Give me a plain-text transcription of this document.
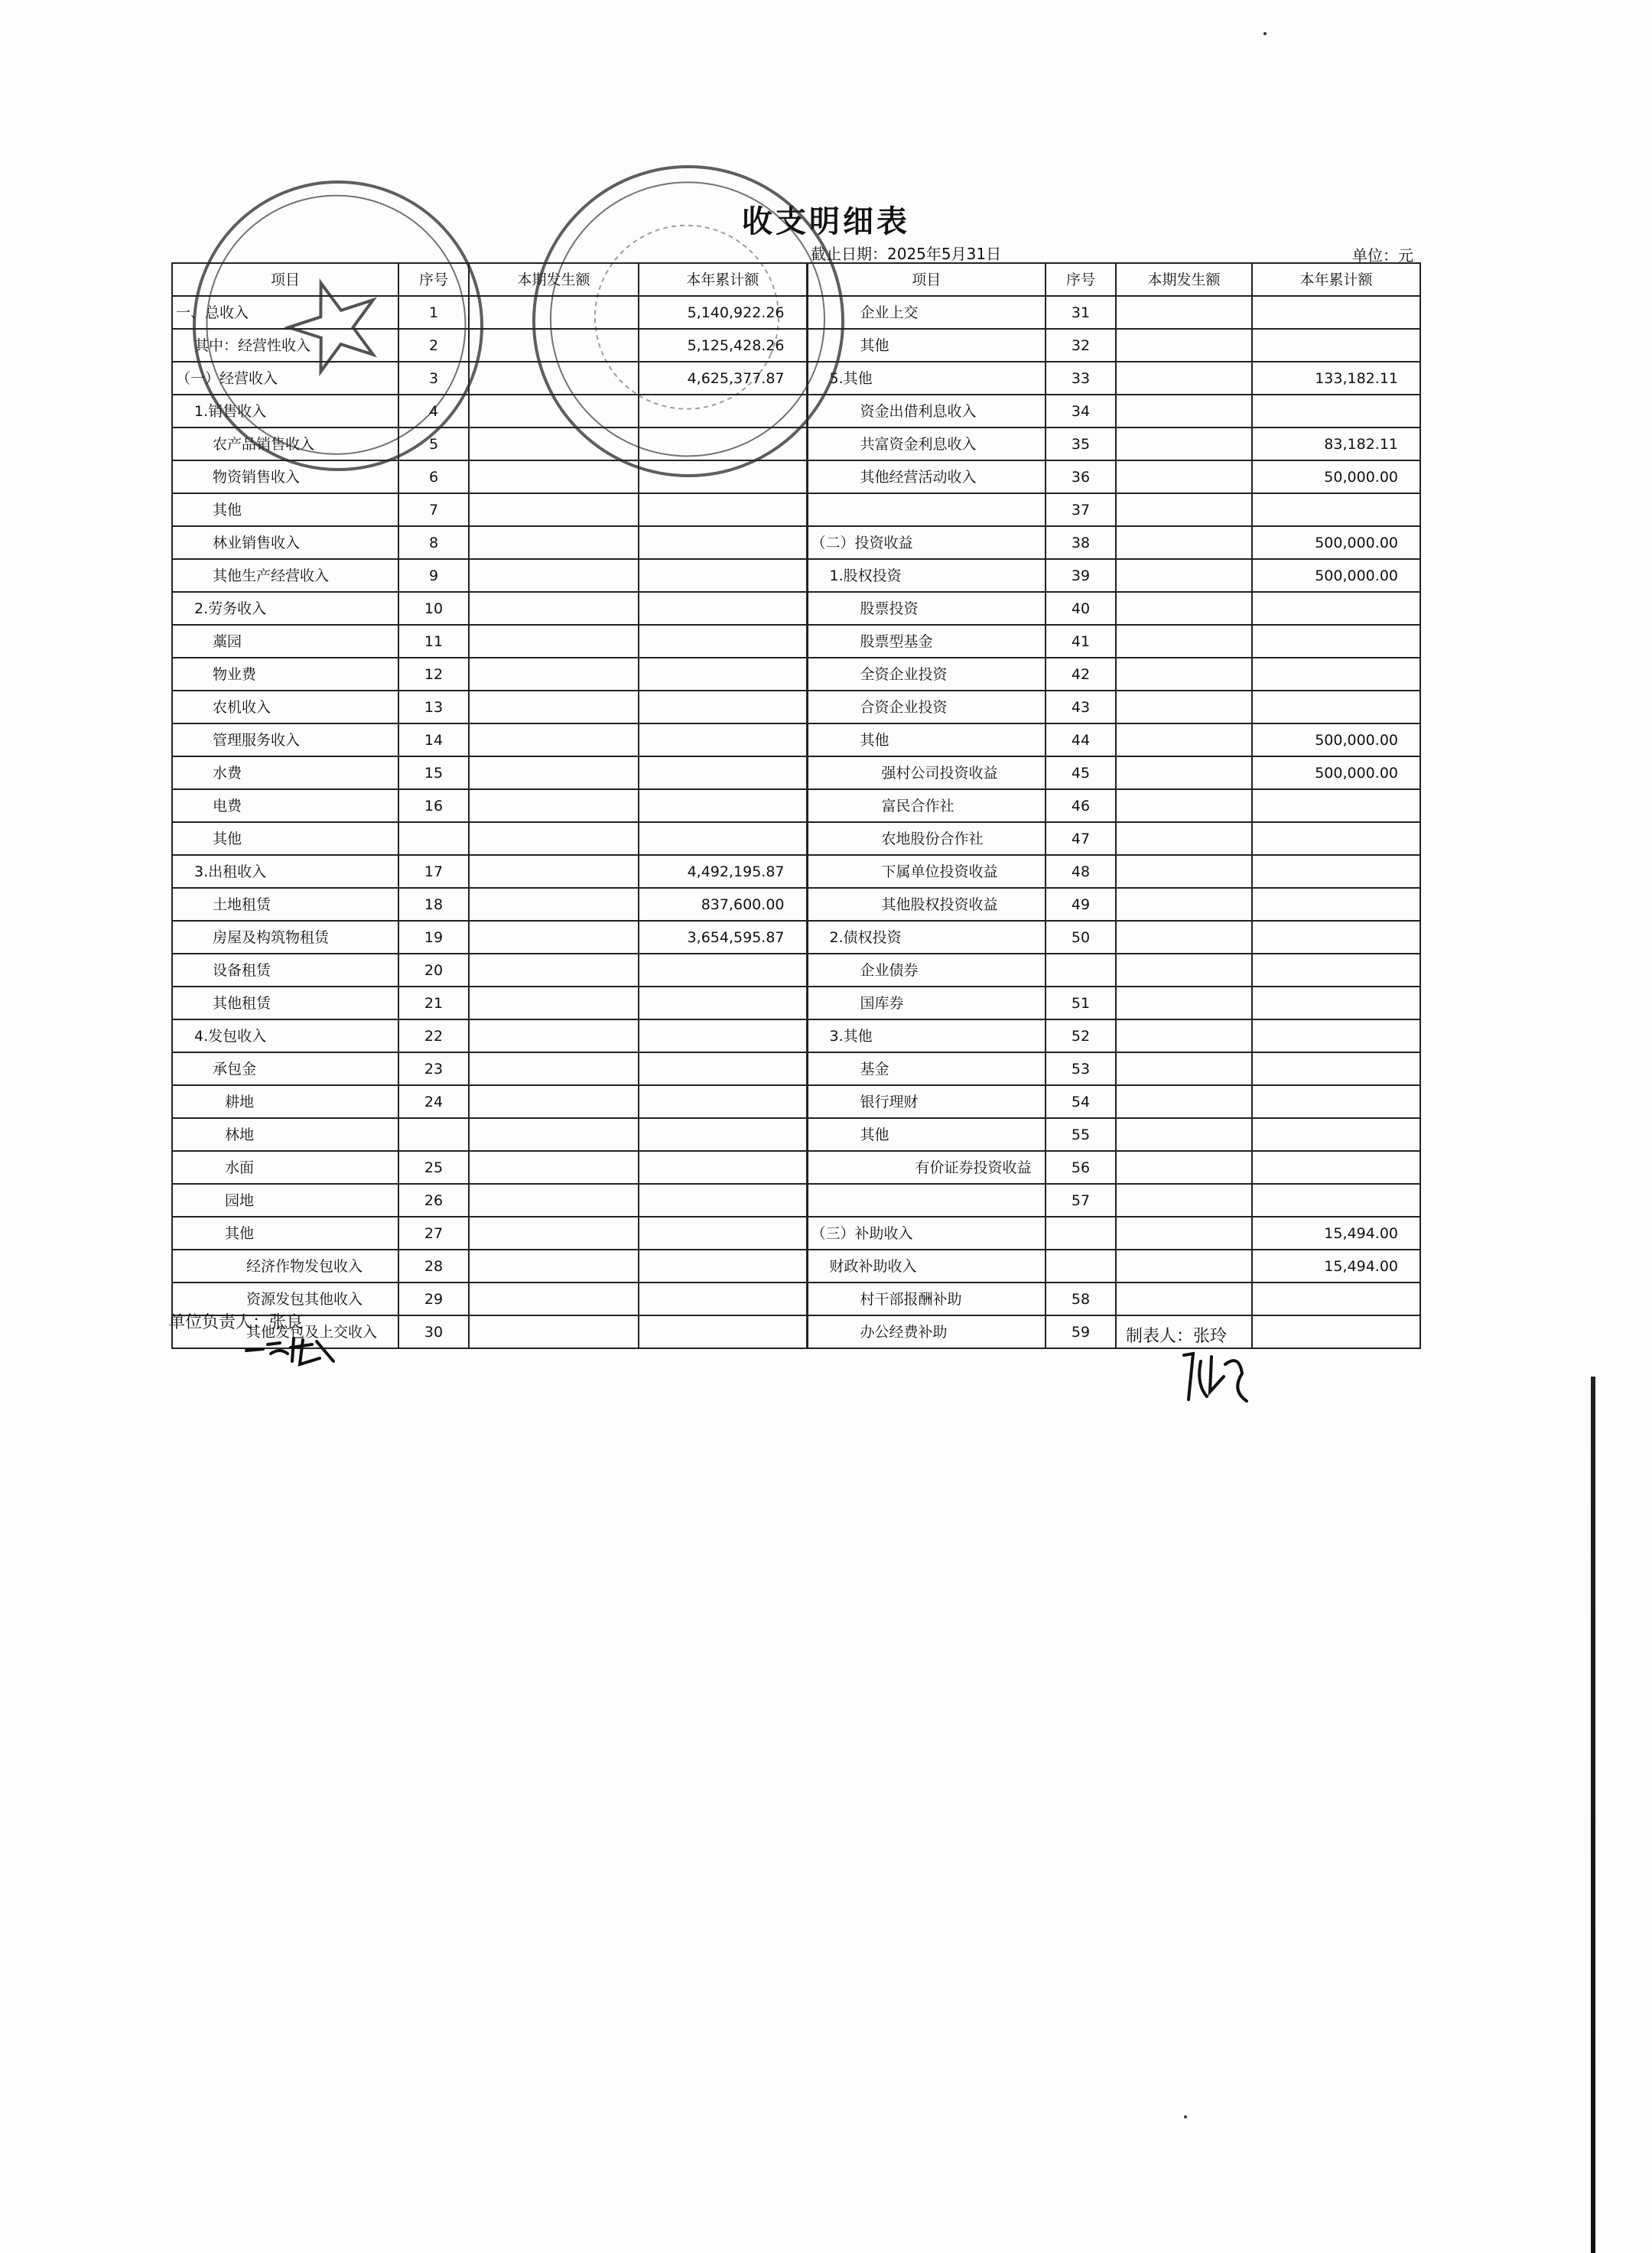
收支明细表
截止日期：2025年5月31日	单位：元
项目	序号	本期发生额	本年累计额	项目	序号	本期发生额	本年累计额
一、总收入	1		5,140,922.26	企业上交	31		
其中：经营性收入	2		5,125,428.26	其他	32		
（一）经营收入	3		4,625,377.87	5.其他	33		133,182.11
1.销售收入	4			资金出借利息收入	34		
农产品销售收入	5			共富资金利息收入	35		83,182.11
物资销售收入	6			其他经营活动收入	36		50,000.00
其他	7				37		
林业销售收入	8			（二）投资收益	38		500,000.00
其他生产经营收入	9			1.股权投资	39		500,000.00
2.劳务收入	10			股票投资	40		
藁园	11			股票型基金	41		
物业费	12			全资企业投资	42		
农机收入	13			合资企业投资	43		
管理服务收入	14			其他	44		500,000.00
水费	15			强村公司投资收益	45		500,000.00
电费	16			富民合作社	46		
其他				农地股份合作社	47		
3.出租收入	17		4,492,195.87	下属单位投资收益	48		
土地租赁	18		837,600.00	其他股权投资收益	49		
房屋及构筑物租赁	19		3,654,595.87	2.债权投资	50		
设备租赁	20			企业债券			
其他租赁	21			国库券	51		
4.发包收入	22			3.其他	52		
承包金	23			基金	53		
耕地	24			银行理财	54		
林地				其他	55		
水面	25			有价证券投资收益	56		
园地	26				57		
其他	27			（三）补助收入			15,494.00
经济作物发包收入	28			财政补助收入			15,494.00
资源发包其他收入	29			村干部报酬补助	58		
其他发包及上交收入	30			办公经费补助	59		
单位负责人：张良
制表人：张玲
